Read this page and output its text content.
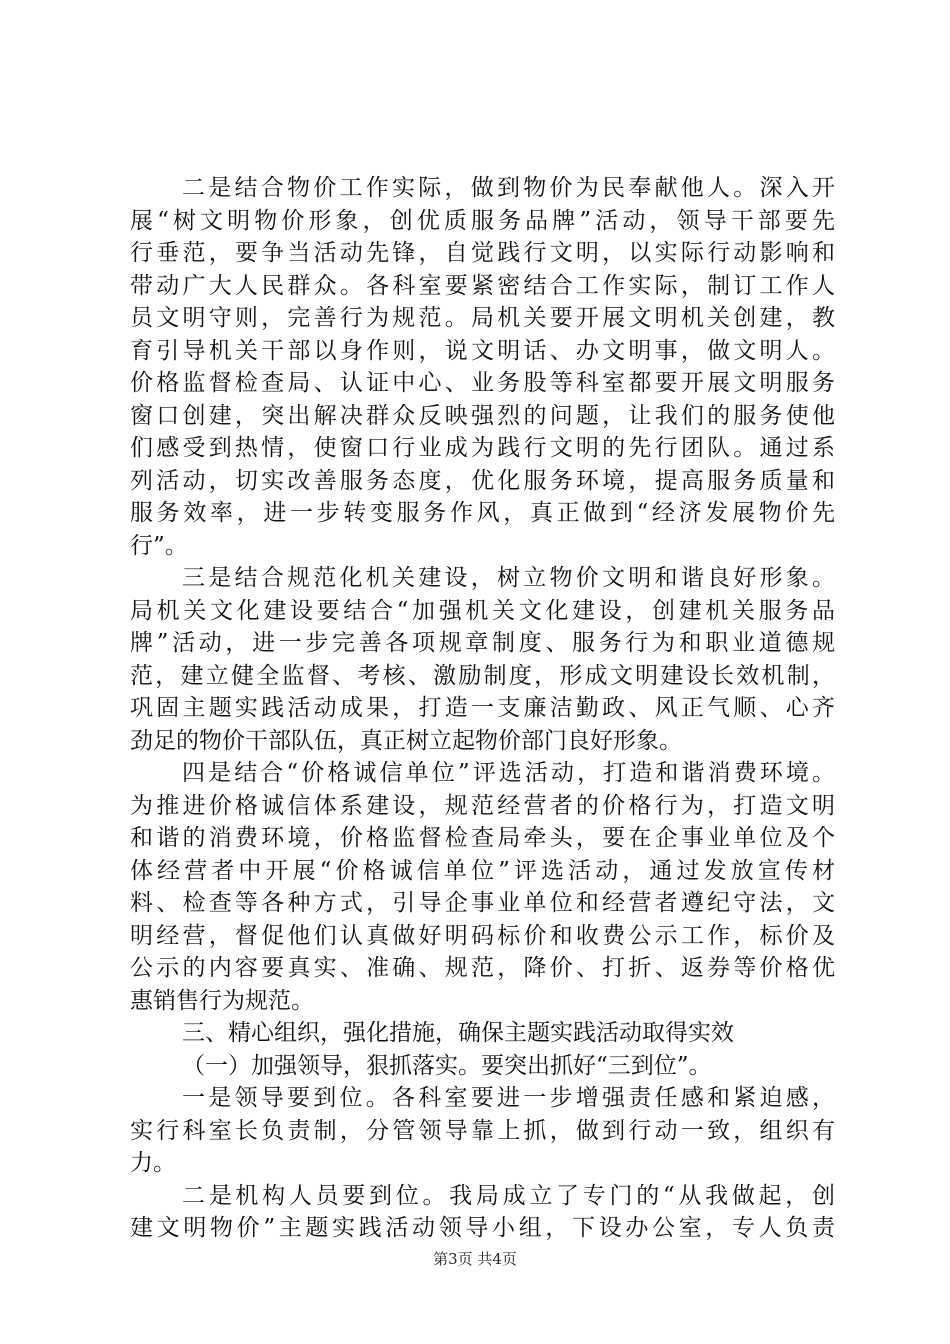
二是结合物价工作实际，做到物价为民奉献他人。深入开
展“树文明物价形象，创优质服务品牌”活动，领导干部要先
行垂范，要争当活动先锋，自觉践行文明，以实际行动影响和
带动广大人民群众。各科室要紧密结合工作实际，制订工作人
员文明守则，完善行为规范。局机关要开展文明机关创建，教
育引导机关干部以身作则，说文明话、办文明事，做文明人。
价格监督检查局、认证中心、业务股等科室都要开展文明服务
窗口创建，突出解决群众反映强烈的问题，让我们的服务使他
们感受到热情，使窗口行业成为践行文明的先行团队。通过系
列活动，切实改善服务态度，优化服务环境，提高服务质量和
服务效率，进一步转变服务作风，真正做到“经济发展物价先
行”。
三是结合规范化机关建设，树立物价文明和谐良好形象。
局机关文化建设要结合“加强机关文化建设，创建机关服务品
牌”活动，进一步完善各项规章制度、服务行为和职业道德规
范，建立健全监督、考核、激励制度，形成文明建设长效机制，
巩固主题实践活动成果，打造一支廉洁勤政、风正气顺、心齐
劲足的物价干部队伍，真正树立起物价部门良好形象。
四是结合“价格诚信单位”评选活动，打造和谐消费环境。
为推进价格诚信体系建设，规范经营者的价格行为，打造文明
和谐的消费环境，价格监督检查局牵头，要在企事业单位及个
体经营者中开展“价格诚信单位”评选活动，通过发放宣传材
料、检查等各种方式，引导企事业单位和经营者遵纪守法，文
明经营，督促他们认真做好明码标价和收费公示工作，标价及
公示的内容要真实、准确、规范，降价、打折、返券等价格优
惠销售行为规范。
三、精心组织，强化措施，确保主题实践活动取得实效
（一）加强领导，狠抓落实。要突出抓好“三到位”。
一是领导要到位。各科室要进一步增强责任感和紧迫感，
实行科室长负责制，分管领导靠上抓，做到行动一致，组织有
力。
二是机构人员要到位。我局成立了专门的“从我做起，创
建文明物价”主题实践活动领导小组，下设办公室，专人负责
第3页 共4页
